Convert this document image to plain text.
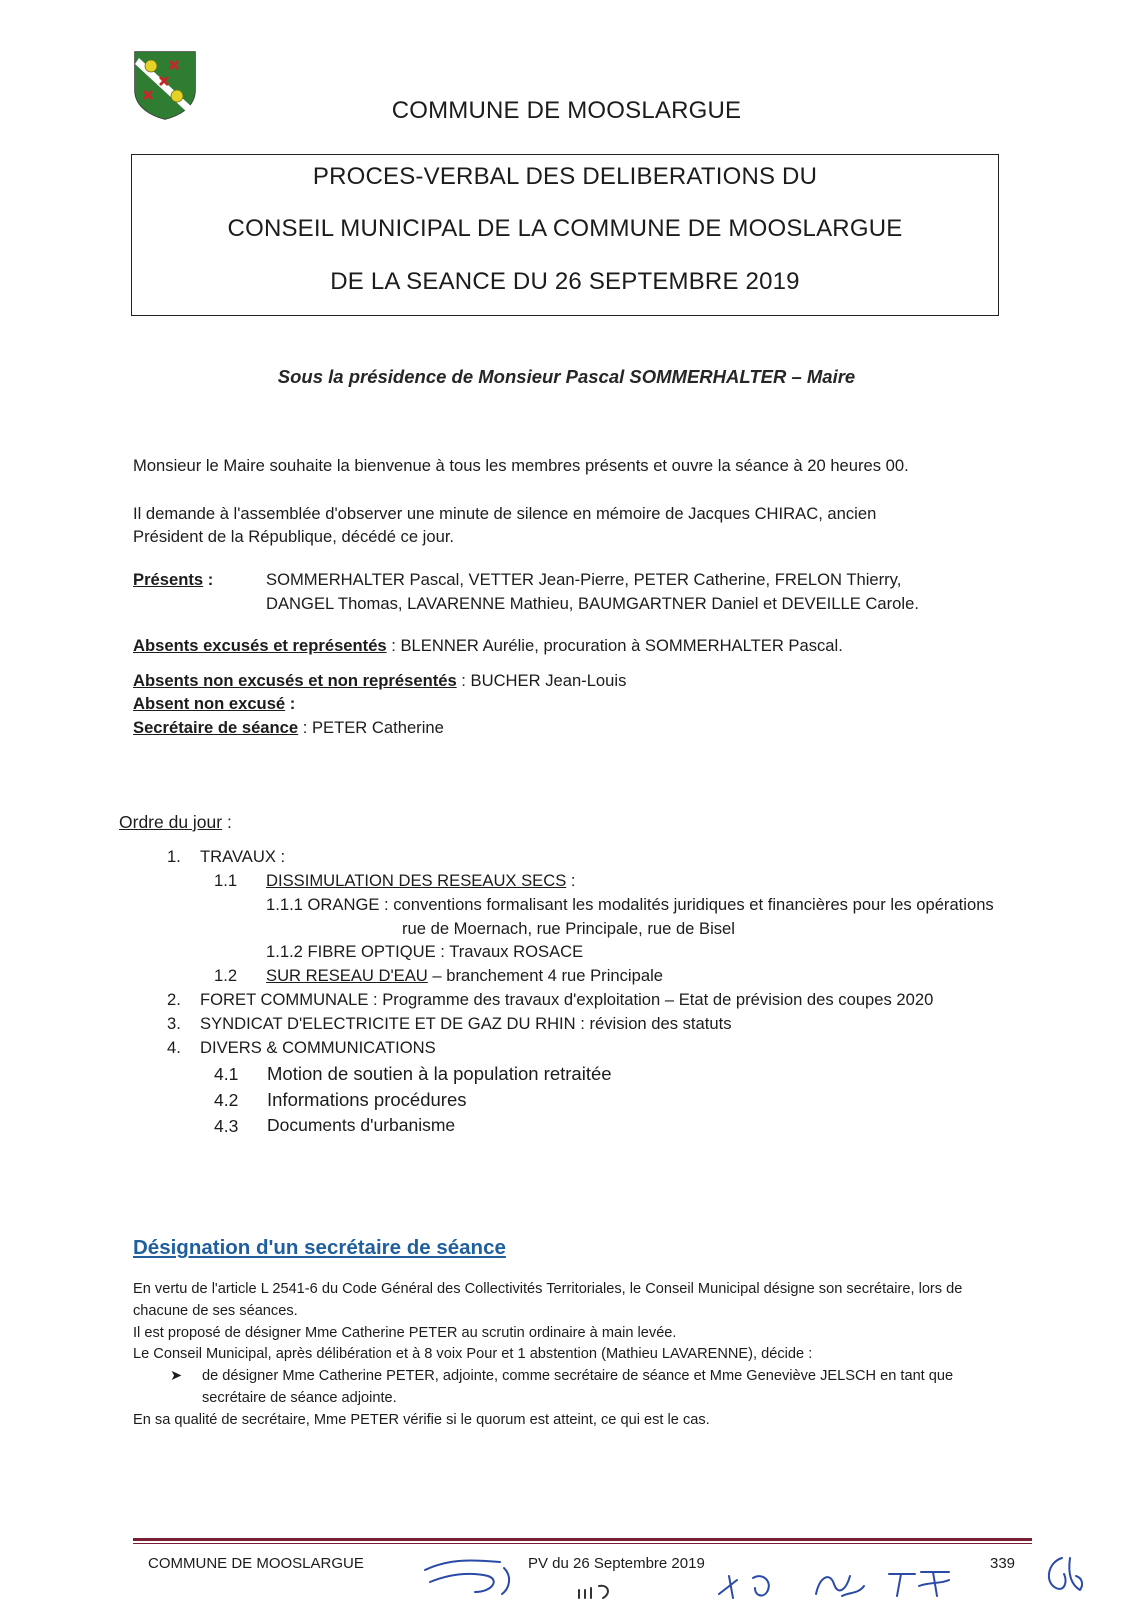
COMMUNE DE MOOSLARGUE
PROCES-VERBAL DES DELIBERATIONS DU
CONSEIL MUNICIPAL DE LA COMMUNE DE MOOSLARGUE
DE LA SEANCE DU 26 SEPTEMBRE 2019
Sous la présidence de Monsieur Pascal SOMMERHALTER – Maire
Monsieur le Maire souhaite la bienvenue à tous les membres présents et ouvre la séance à 20 heures 00.
Il demande à l'assemblée d'observer une minute de silence en mémoire de Jacques CHIRAC, ancien
Président de la République, décédé ce jour.
Présents :	SOMMERHALTER Pascal, VETTER Jean-Pierre, PETER Catherine, FRELON Thierry,
DANGEL Thomas, LAVARENNE Mathieu, BAUMGARTNER Daniel et DEVEILLE Carole.
Absents excusés et représentés : BLENNER Aurélie, procuration à SOMMERHALTER Pascal.
Absents non excusés et non représentés : BUCHER Jean-Louis
Absent non excusé :
Secrétaire de séance : PETER Catherine
Ordre du jour :
1. TRAVAUX :
1.1 DISSIMULATION DES RESEAUX SECS :
1.1.1 ORANGE : conventions formalisant les modalités juridiques et financières pour les opérations
rue de Moernach, rue Principale, rue de Bisel
1.1.2 FIBRE OPTIQUE : Travaux ROSACE
1.2 SUR RESEAU D'EAU – branchement 4 rue Principale
2. FORET COMMUNALE : Programme des travaux d'exploitation – Etat de prévision des coupes 2020
3. SYNDICAT D'ELECTRICITE ET DE GAZ DU RHIN : révision des statuts
4. DIVERS & COMMUNICATIONS
4.1 Motion de soutien à la population retraitée
4.2 Informations procédures
4.3 Documents d'urbanisme
Désignation d'un secrétaire de séance
En vertu de l'article L 2541-6 du Code Général des Collectivités Territoriales, le Conseil Municipal désigne son secrétaire, lors de
chacune de ses séances.
Il est proposé de désigner Mme Catherine PETER au scrutin ordinaire à main levée.
Le Conseil Municipal, après délibération et à 8 voix Pour et 1 abstention (Mathieu LAVARENNE), décide :
➤ de désigner Mme Catherine PETER, adjointe, comme secrétaire de séance et Mme Geneviève JELSCH en tant que
secrétaire de séance adjointe.
En sa qualité de secrétaire, Mme PETER vérifie si le quorum est atteint, ce qui est le cas.
COMMUNE DE MOOSLARGUE	PV du 26 Septembre 2019	339
